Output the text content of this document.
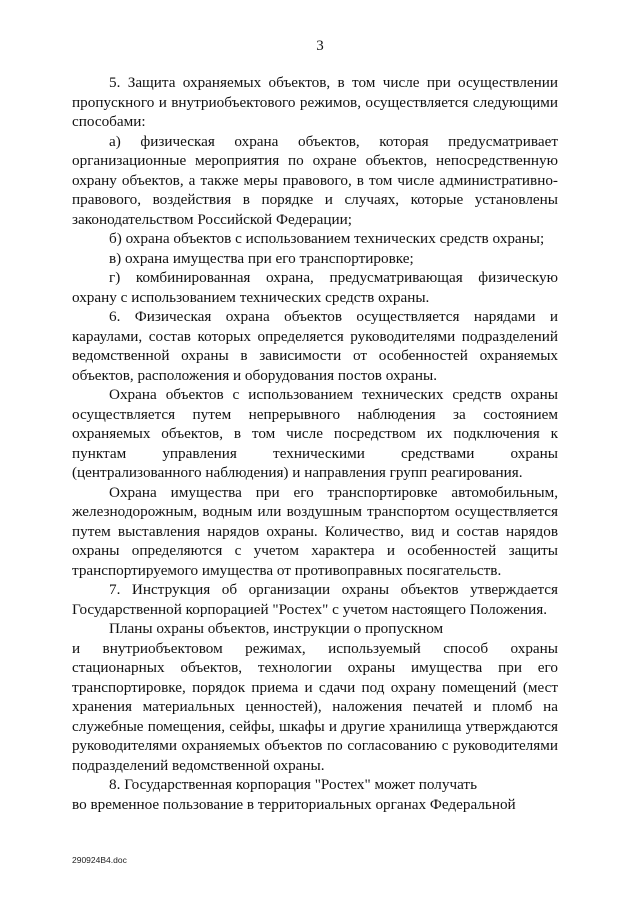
3

5. Защита охраняемых объектов, в том числе при осуществлении пропускного и внутриобъектового режимов, осуществляется следующими способами:

а) физическая охрана объектов, которая предусматривает организационные мероприятия по охране объектов, непосредственную охрану объектов, а также меры правового, в том числе административно-правового, воздействия в порядке и случаях, которые установлены законодательством Российской Федерации;

б) охрана объектов с использованием технических средств охраны;

в) охрана имущества при его транспортировке;

г) комбинированная охрана, предусматривающая физическую охрану с использованием технических средств охраны.

6. Физическая охрана объектов осуществляется нарядами и караулами, состав которых определяется руководителями подразделений ведомственной охраны в зависимости от особенностей охраняемых объектов, расположения и оборудования постов охраны.

Охрана объектов с использованием технических средств охраны осуществляется путем непрерывного наблюдения за состоянием охраняемых объектов, в том числе посредством их подключения к пунктам управления техническими средствами охраны (централизованного наблюдения) и направления групп реагирования.

Охрана имущества при его транспортировке автомобильным, железнодорожным, водным или воздушным транспортом осуществляется путем выставления нарядов охраны. Количество, вид и состав нарядов охраны определяются с учетом характера и особенностей защиты транспортируемого имущества от противоправных посягательств.

7. Инструкция об организации охраны объектов утверждается Государственной корпорацией "Ростех" с учетом настоящего Положения.

Планы охраны объектов, инструкции о пропускном
и внутриобъектовом режимах, используемый способ охраны стационарных объектов, технологии охраны имущества при его транспортировке, порядок приема и сдачи под охрану помещений (мест хранения материальных ценностей), наложения печатей и пломб на служебные помещения, сейфы, шкафы и другие хранилища утверждаются руководителями охраняемых объектов по согласованию с руководителями подразделений ведомственной охраны.

8. Государственная корпорация "Ростех" может получать
во временное пользование в территориальных органах Федеральной

290924B4.doc
